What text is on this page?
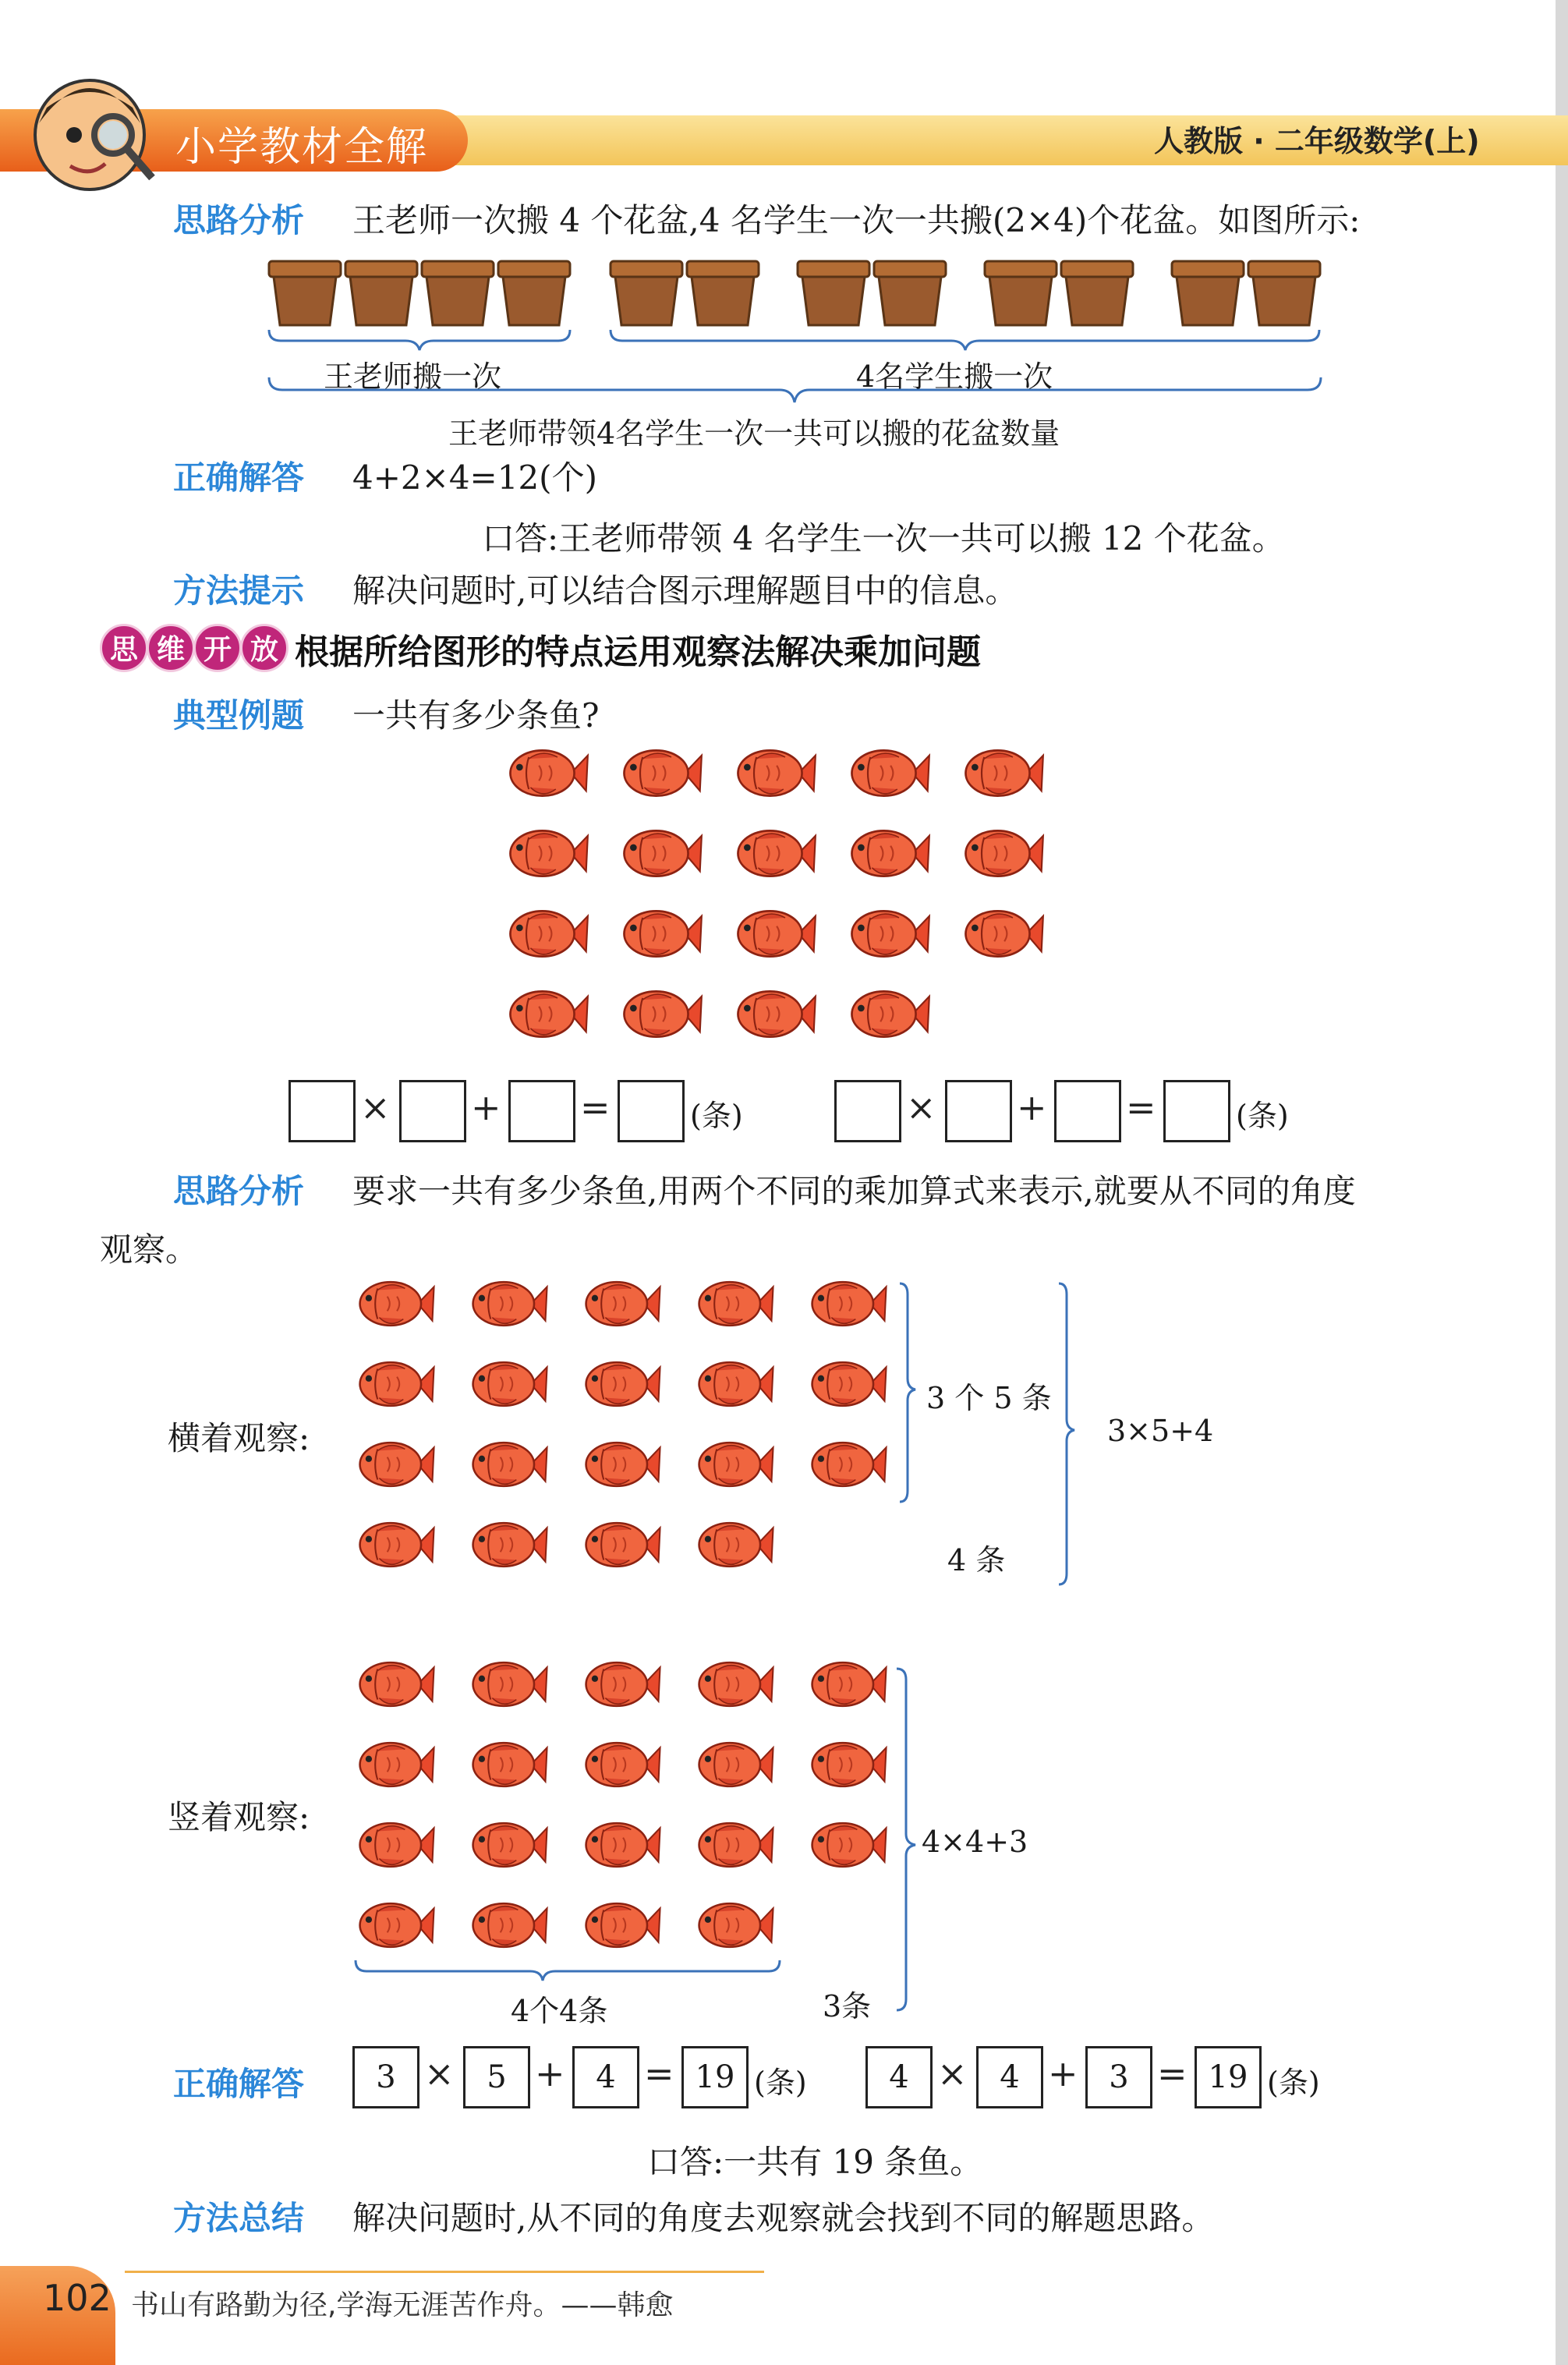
小学教材全解	人教版 · 二年级数学(上)
思路分析 王老师一次搬 4 个花盆,4 名学生一次一共搬(2×4)个花盆。如图所示:
王老师搬一次	4名学生搬一次
王老师带领4名学生一次一共可以搬的花盆数量
正确解答 4+2×4=12(个)
口答:王老师带领 4 名学生一次一共可以搬 12 个花盆。
方法提示 解决问题时,可以结合图示理解题目中的信息。
思 维 开 放 根据所给图形的特点运用观察法解决乘加问题
典型例题 一共有多少条鱼?
× + =	(条)	× + =	(条)
思路分析 要求一共有多少条鱼,用两个不同的乘加算式来表示,就要从不同的角度
观察。
横着观察:
3 个 5 条
4 条
3×5+4
竖着观察:
4个4条	3条
4×4+3
正确解答	3 ×	5 + 4 = 19 (条)	4 ×	4 + 3 = 19 (条)
口答:一共有 19 条鱼。
方法总结 解决问题时,从不同的角度去观察就会找到不同的解题思路。
102 书山有路勤为径,学海无涯苦作舟。——韩愈
